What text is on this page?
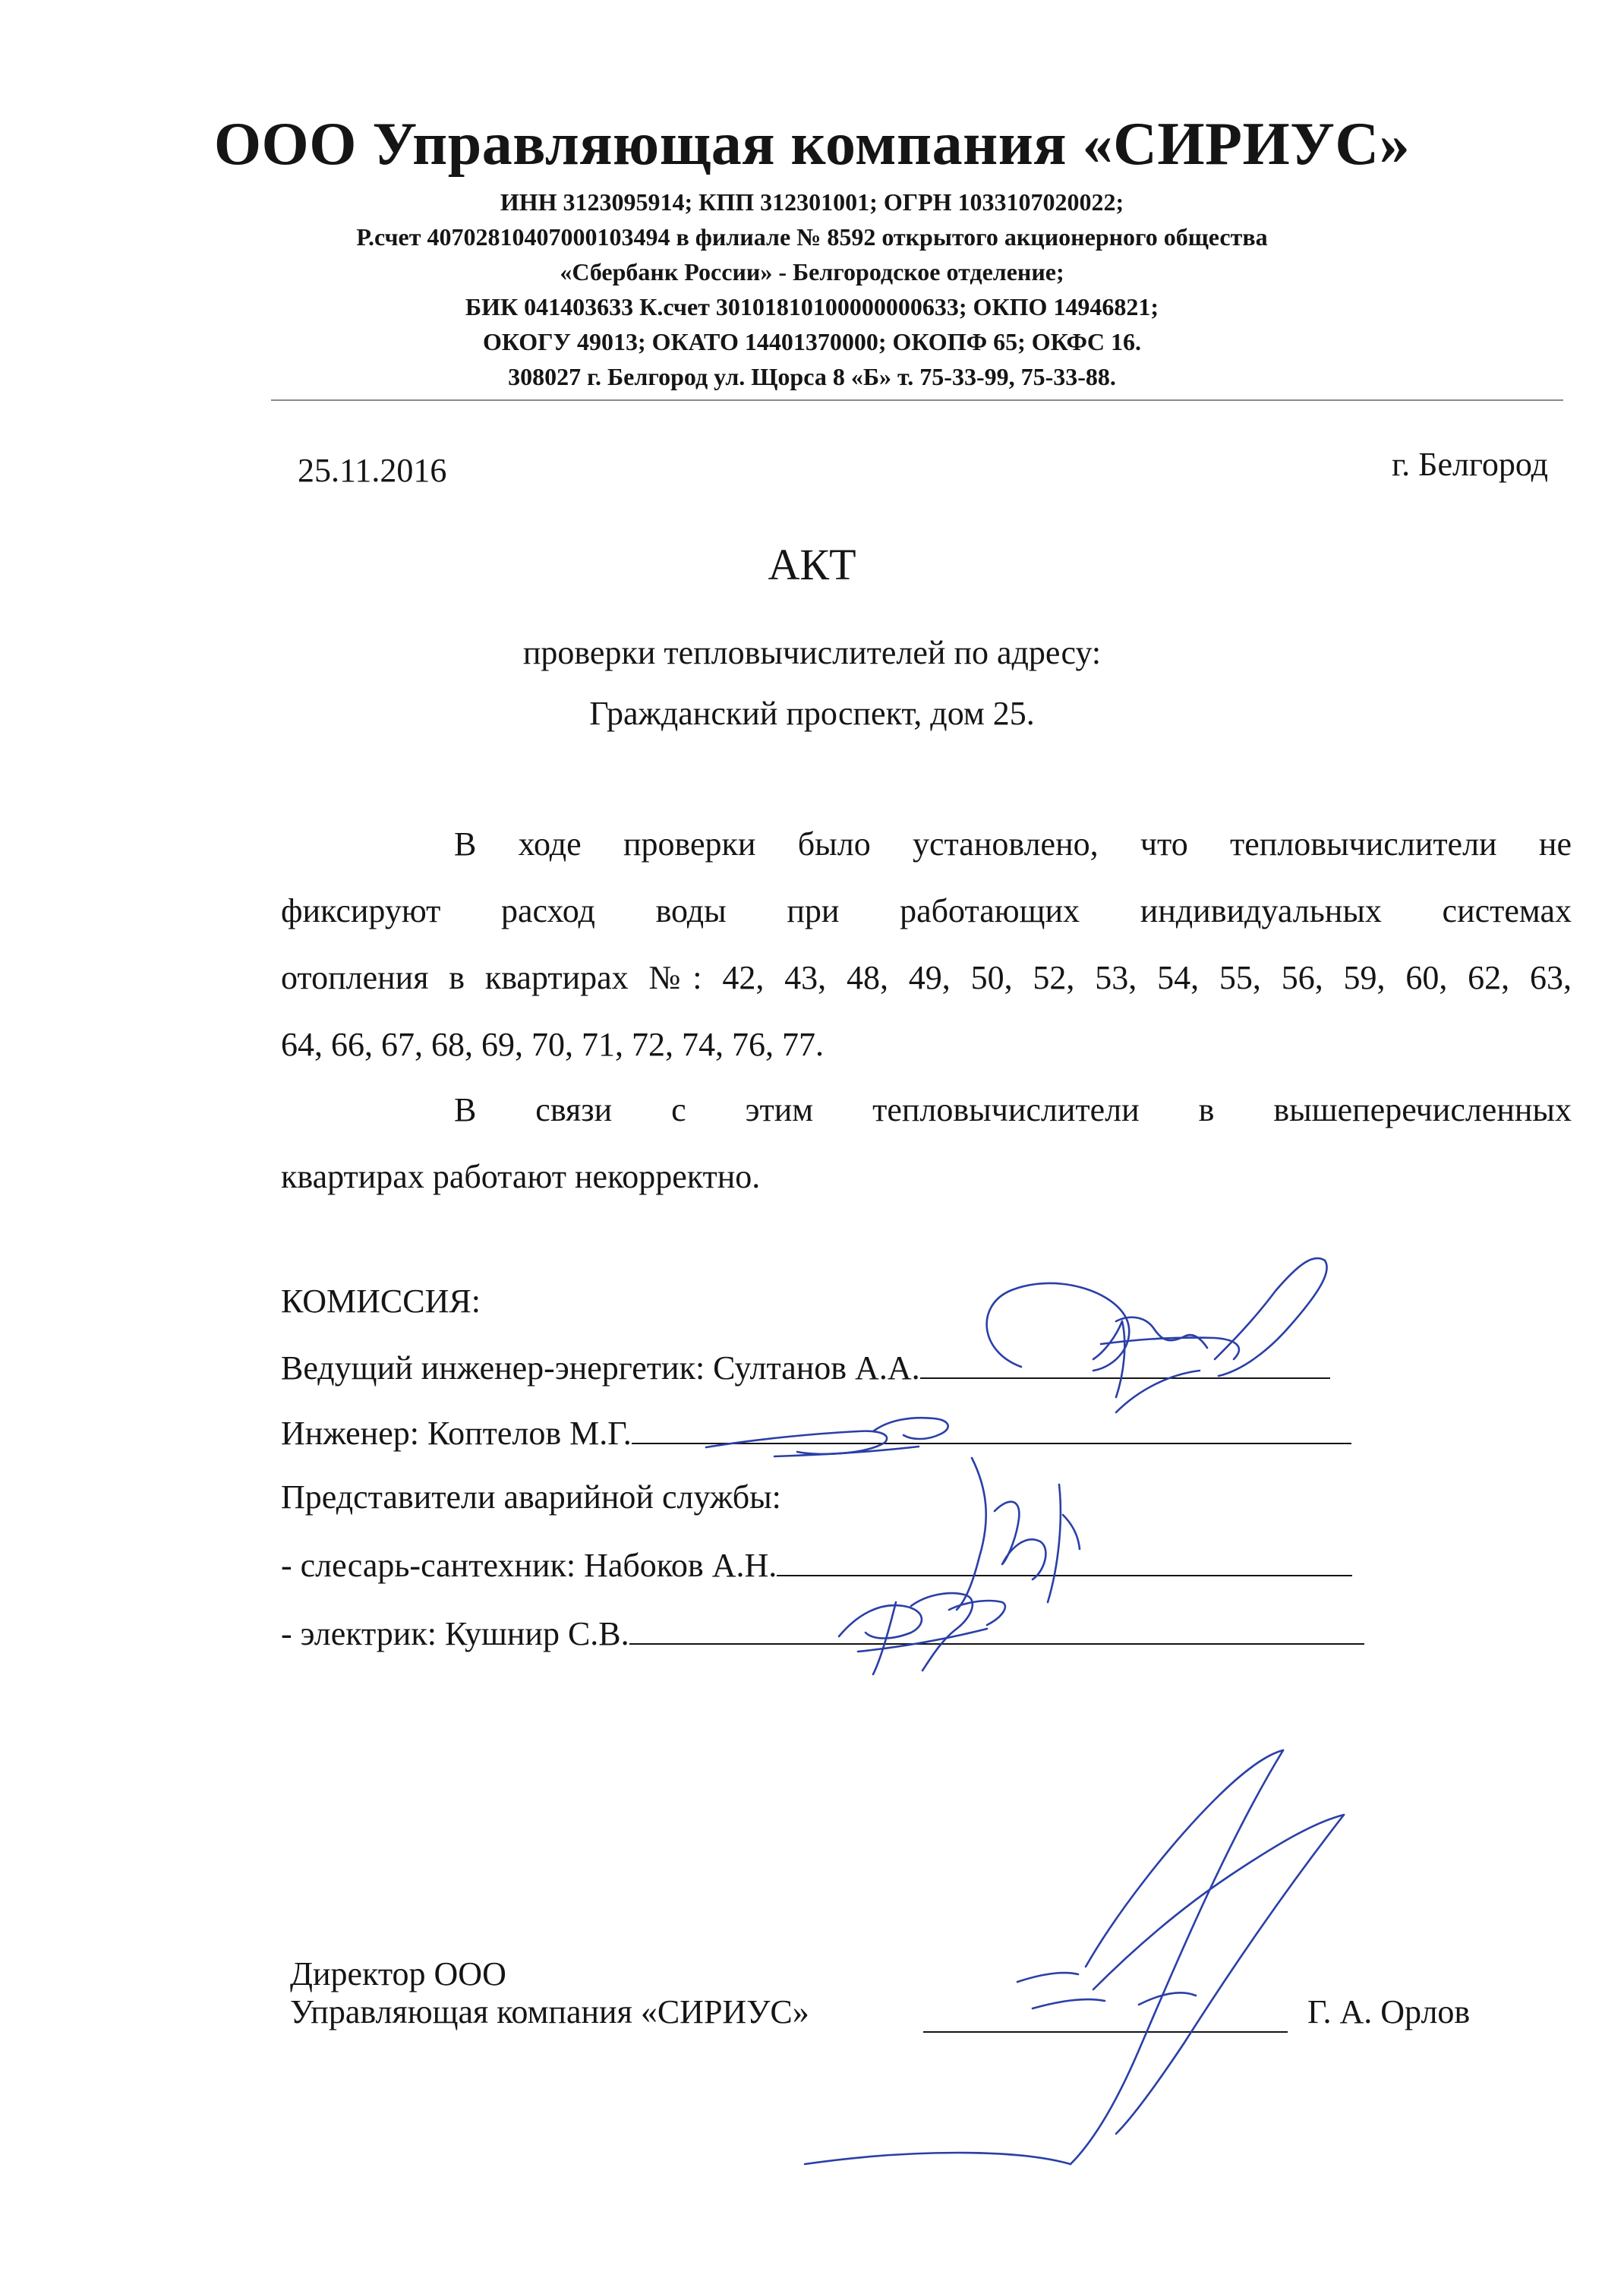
ООО Управляющая компания «СИРИУС»
ИНН 3123095914; КПП 312301001; ОГРН 1033107020022;
Р.счет 40702810407000103494 в филиале № 8592 открытого акционерного общества
«Сбербанк России» - Белгородское отделение;
БИК 041403633 К.счет 30101810100000000633; ОКПО 14946821;
ОКОГУ 49013; ОКАТО 14401370000; ОКОПФ 65; ОКФС 16.
308027 г. Белгород ул. Щорса 8 «Б» т. 75-33-99, 75-33-88.
25.11.2016	г. Белгород
АКТ
проверки тепловычислителей по адресу:
Гражданский проспект, дом 25.
В ходе проверки было установлено, что тепловычислители не
фиксируют расход воды при работающих индивидуальных системах
отопления в квартирах №: 42, 43, 48, 49, 50, 52, 53, 54, 55, 56, 59, 60, 62, 63,
64, 66, 67, 68, 69, 70, 71, 72, 74, 76, 77.
В связи с этим тепловычислители в вышеперечисленных
квартирах работают некорректно.
КОМИССИЯ:
Ведущий инженер-энергетик: Султанов А.А.
Инженер: Коптелов М.Г.
Представители аварийной службы:
- слесарь-сантехник: Набоков А.Н.
- электрик: Кушнир С.В.
Директор ООО
Управляющая компания «СИРИУС»	Г. А. Орлов
